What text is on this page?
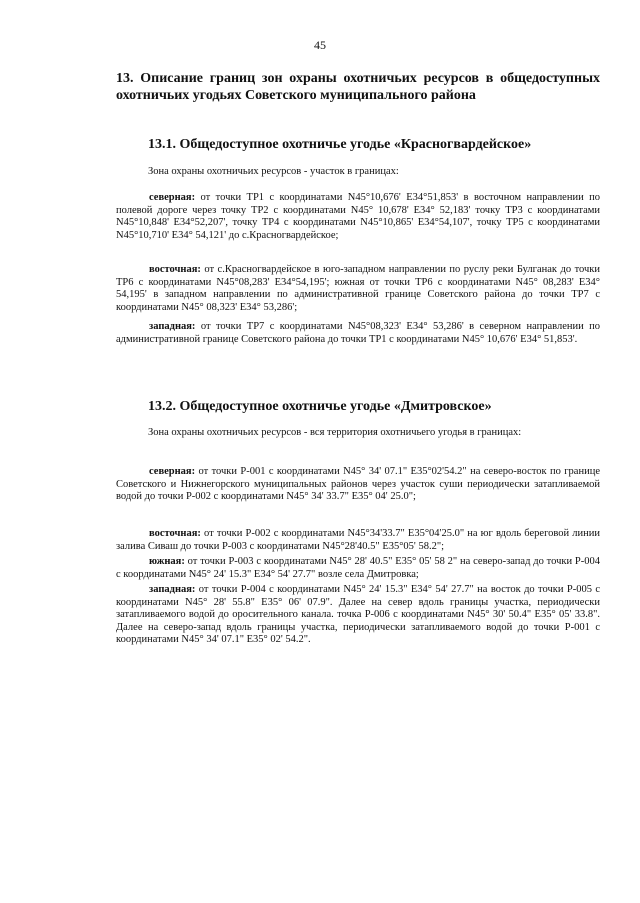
45
13. Описание границ зон охраны охотничьих ресурсов в общедоступных охотничьих угодьях Советского муниципального района
13.1. Общедоступное охотничье угодье «Красногвардейское»

Зона охраны охотничьих ресурсов - участок в границах:

северная: от точки ТР1 с координатами N45°10,676' E34°51,853' в восточном направлении по полевой дороге через точку ТР2 с координатами N45° 10,678' E34° 52,183' точку ТР3 с координатами N45°10,848' E34°52,207', точку ТР4 с координатами N45°10,865' E34°54,107', точку ТР5 с координатами N45°10,710' E34° 54,121' до с.Красногвардейское;

восточная: от с.Красногвардейское в юго-западном направлении по руслу реки Булганак до точки ТР6 с координатами N45°08,283' E34°54,195'; южная от точки ТР6 с координатами N45° 08,283' E34° 54,195' в западном направлении по административной границе Советского района до точки ТР7 с координатами N45° 08,323' E34° 53,286';

западная: от точки ТР7 с координатами N45°08,323' E34° 53,286' в северном направлении по административной границе Советского района до точки ТР1 с координатами N45° 10,676' E34° 51,853'.

13.2. Общедоступное охотничье угодье «Дмитровское»

Зона охраны охотничьих ресурсов - вся территория охотничьего угодья в границах:

северная: от точки Р-001 с координатами N45° 34' 07.1" E35°02'54.2" на северо-восток по границе Советского и Нижнегорского муниципальных районов через участок суши периодически затапливаемой водой до точки Р-002 с координатами N45° 34' 33.7" E35° 04' 25.0";

восточная: от точки Р-002 с координатами N45°34'33.7" E35°04'25.0" на юг вдоль береговой линии залива Сиваш до точки Р-003 с координатами N45°28'40.5" E35°05' 58.2";

южная: от точки Р-003 с координатами N45° 28' 40.5" E35° 05' 58 2" на северо-запад до точки Р-004 с координатами N45° 24' 15.3" E34° 54' 27.7" возле села Дмитровка;

западная: от точки Р-004 с координатами N45° 24' 15.3" E34° 54' 27.7" на восток до точки Р-005 с координатами N45° 28' 55.8" E35° 06' 07.9". Далее на север вдоль границы участка, периодически затапливаемого водой до оросительного канала. точка Р-006 с координатами N45° 30' 50.4" E35° 05' 33.8". Далее на северо-запад вдоль границы участка, периодически затапливаемого водой до точки Р-001 с координатами N45° 34' 07.1" E35° 02' 54.2".
